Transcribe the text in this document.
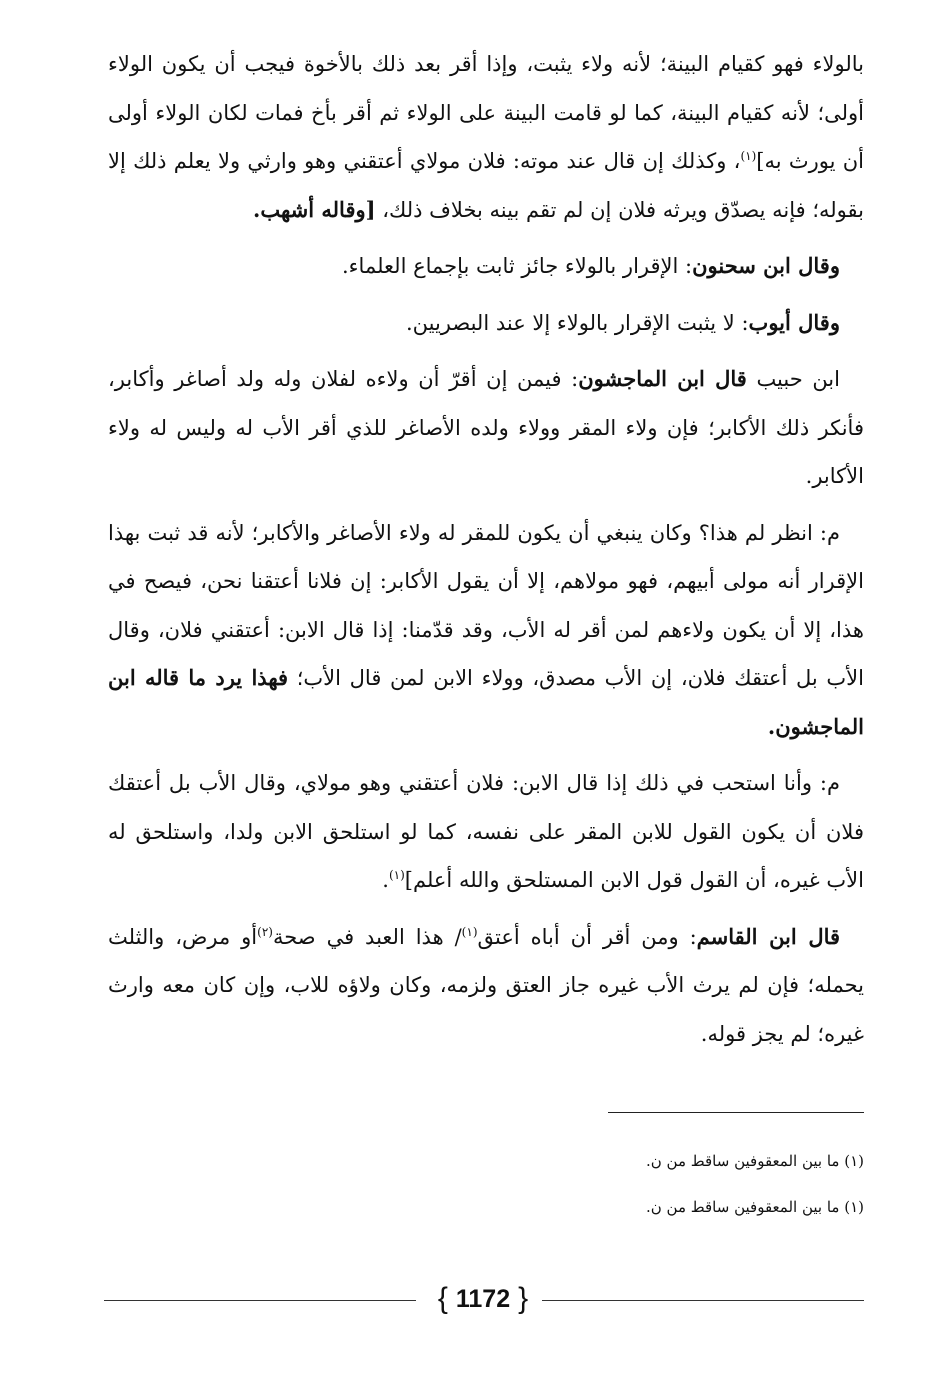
بالولاء فهو كقيام البينة؛ لأنه ولاء يثبت، وإذا أقر بعد ذلك بالأخوة فيجب أن يكون الولاء أولى؛ لأنه كقيام البينة، كما لو قامت البينة على الولاء ثم أقر بأخ فمات لكان الولاء أولى أن يورث به]$^{(١)}$، وكذلك إن قال عند موته: فلان مولاي أعتقني وهو وارثي ولا يعلم ذلك إلا بقوله؛ فإنه يصدّق ويرثه فلان إن لم تقم بينه بخلاف ذلك، [وقاله أشهب.

وقال ابن سحنون: الإقرار بالولاء جائز ثابت بإجماع العلماء.

وقال أيوب: لا يثبت الإقرار بالولاء إلا عند البصريين.

ابن حبيب قال ابن الماجشون: فيمن إن أقرّ أن ولاءه لفلان وله ولد أصاغر وأكابر، فأنكر ذلك الأكابر؛ فإن ولاء المقر وولاء ولده الأصاغر للذي أقر الأب له وليس له ولاء الأكابر.

م: انظر لم هذا؟ وكان ينبغي أن يكون للمقر له ولاء الأصاغر والأكابر؛ لأنه قد ثبت بهذا الإقرار أنه مولى أبيهم، فهو مولاهم، إلا أن يقول الأكابر: إن فلانا أعتقنا نحن، فيصح في هذا، إلا أن يكون ولاءهم لمن أقر له الأب، وقد قدّمنا: إذا قال الابن: أعتقني فلان، وقال الأب بل أعتقك فلان، إن الأب مصدق، وولاء الابن لمن قال الأب؛ فهذا يرد ما قاله ابن الماجشون.

م: وأنا استحب في ذلك إذا قال الابن: فلان أعتقني وهو مولاي، وقال الأب بل أعتقك فلان أن يكون القول للابن المقر على نفسه، كما لو استلحق الابن ولدا، واستلحق له الأب غيره، أن القول قول الابن المستلحق والله أعلم]$^{(١)}$.

قال ابن القاسم: ومن أقر أن أباه أعتق$^{(١)}$/ هذا العبد في صحة$^{(٢)}$أو مرض، والثلث يحمله؛ فإن لم يرث الأب غيره جاز العتق ولزمه، وكان ولاؤه للاب، وإن كان معه وارث غيره؛ لم يجز قوله.

(١) ما بين المعقوفين ساقط من ن.
(١) ما بين المعقوفين ساقط من ن.
{ 1172 }
